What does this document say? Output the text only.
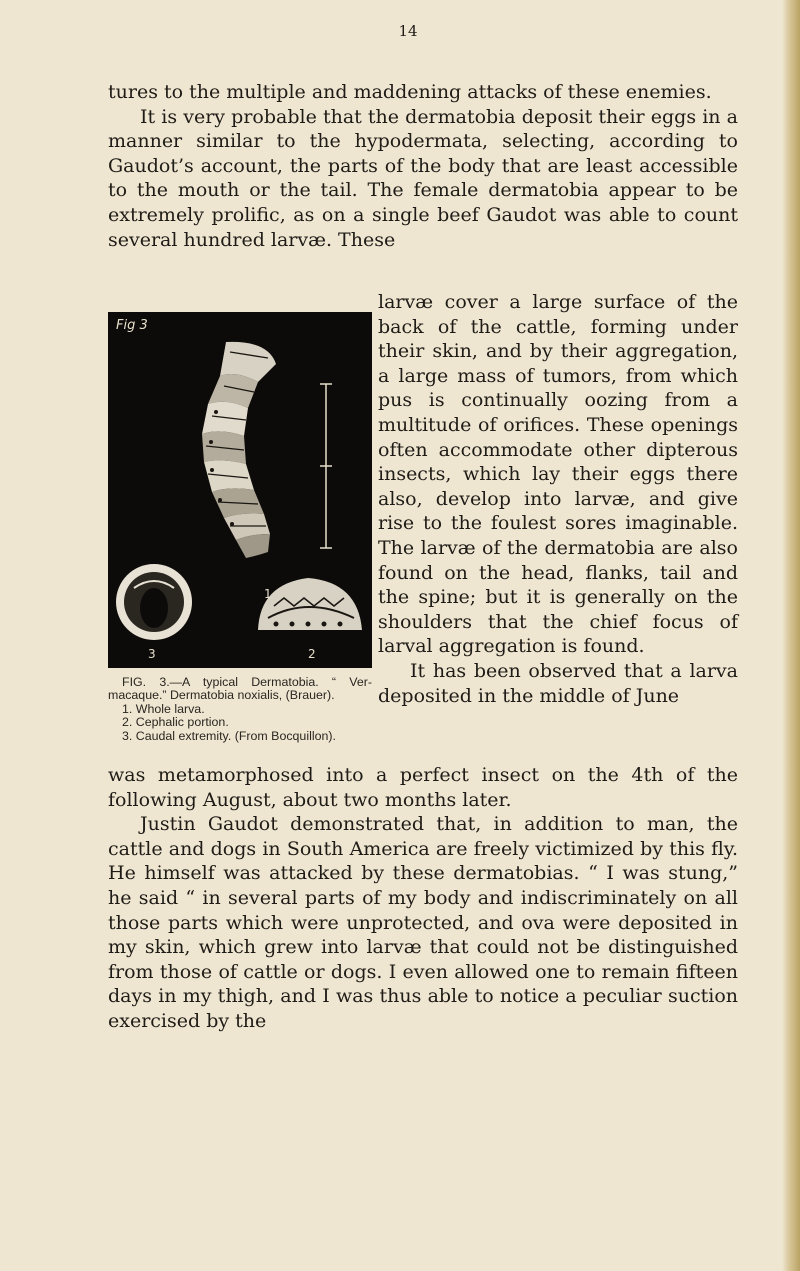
14

tures to the multiple and maddening attacks of these enemies.

It is very probable that the dermatobia deposit their eggs in a manner similar to the hypodermata, selecting, according to Gaudot’s account, the parts of the body that are least accessible to the mouth or the tail. The female dermatobia appear to be extremely prolific, as on a single beef Gaudot was able to count several hundred larvæ. These

Fig 3
1
2
3

larvæ cover a large surface of the back of the cattle, forming under their skin, and by their aggregation, a large mass of tumors, from which pus is continually oozing from a multitude of orifices. These openings often accommodate other dipterous insects, which lay their eggs there also, develop into larvæ, and give rise to the foulest sores imaginable. The larvæ of the dermatobia are also found on the head, flanks, tail and the spine; but it is generally on the shoulders that the chief focus of larval aggregation is found.

It has been observed that a larva deposited in the middle of June

FIG. 3.—A typical Dermatobia. “ Ver-macaque.” Dermatobia noxialis, (Brauer).
1. Whole larva.
2. Cephalic portion.
3. Caudal extremity. (From Bocquillon).

was metamorphosed into a perfect insect on the 4th of the following August, about two months later.

Justin Gaudot demonstrated that, in addition to man, the cattle and dogs in South America are freely victimized by this fly. He himself was attacked by these dermatobias. “ I was stung,” he said “ in several parts of my body and indiscriminately on all those parts which were unprotected, and ova were deposited in my skin, which grew into larvæ that could not be distinguished from those of cattle or dogs. I even allowed one to remain fifteen days in my thigh, and I was thus able to notice a peculiar suction exercised by the
